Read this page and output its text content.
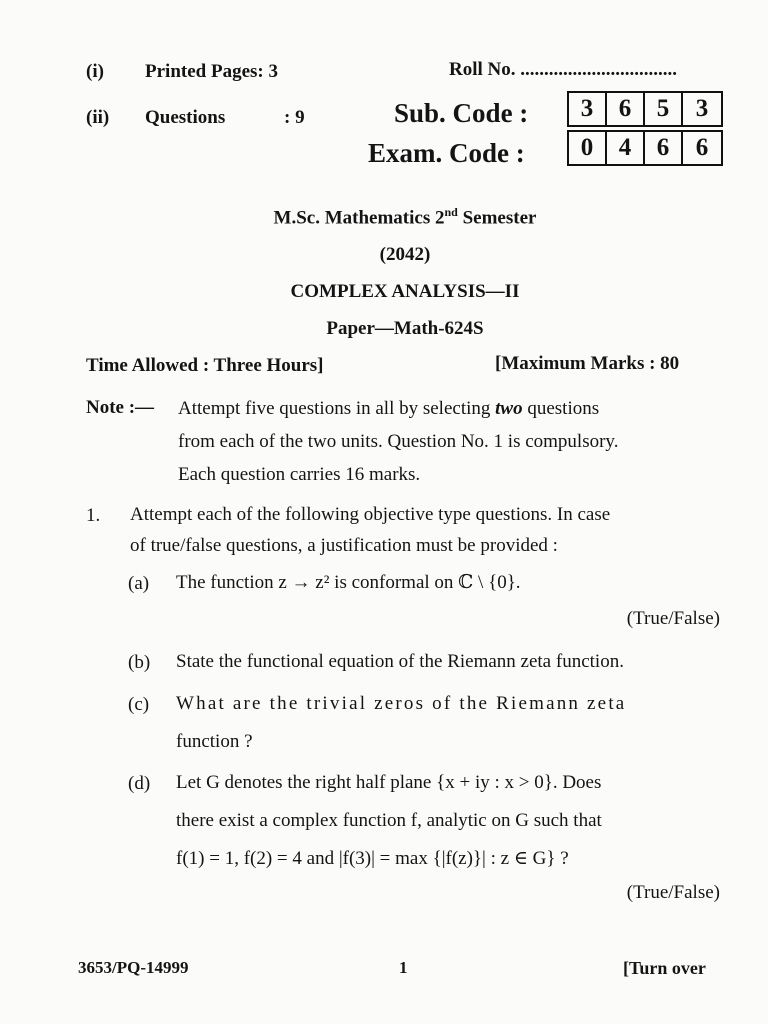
(i) Printed Pages: 3	Roll No. .................................
(ii) Questions	: 9	Sub. Code :	3	6	5	3
Exam. Code :	0	4	6	6
M.Sc. Mathematics 2nd Semester
(2042)
COMPLEX ANALYSIS—II
Paper—Math-624S
Time Allowed : Three Hours]	[Maximum Marks : 80
Note :— Attempt five questions in all by selecting two questions
from each of the two units. Question No. 1 is compulsory.
Each question carries 16 marks.
1. Attempt each of the following objective type questions. In case
of true/false questions, a justification must be provided :
(a) The function z → z² is conformal on ℂ \ {0}.
(True/False)
(b) State the functional equation of the Riemann zeta function.
(c) What are the trivial zeros of the Riemann zeta
function ?
(d) Let G denotes the right half plane {x + iy : x > 0}. Does
there exist a complex function f, analytic on G such that
f(1) = 1, f(2) = 4 and |f(3)| = max {|f(z)}| : z ∈ G} ?
(True/False)
3653/PQ-14999	1	[Turn over
